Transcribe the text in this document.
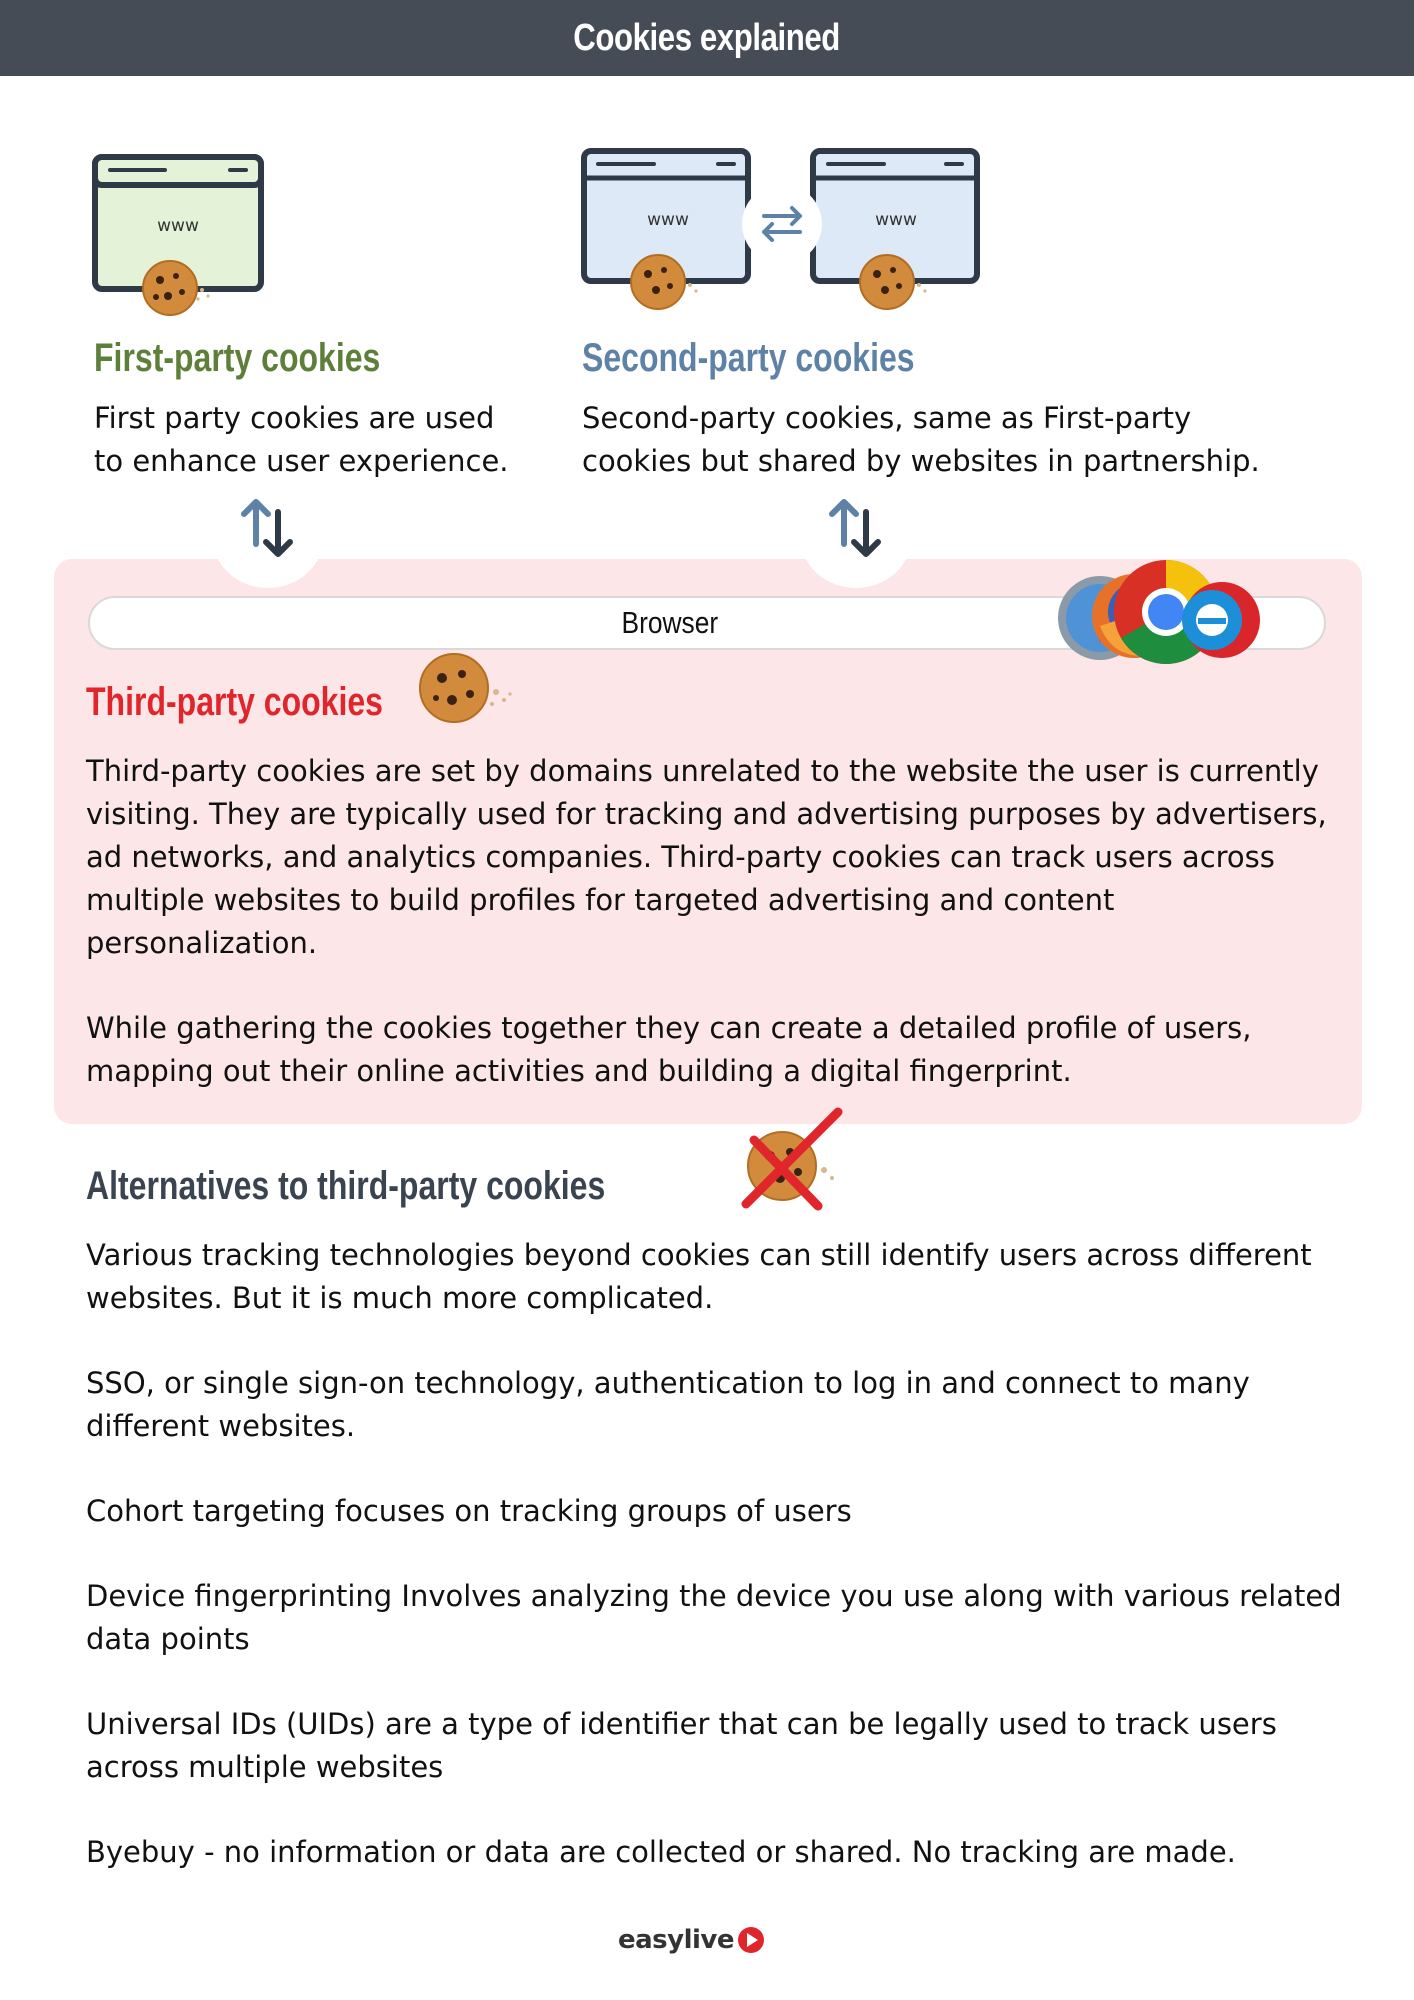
Cookies explained
www	www	www
First-party cookies	Second-party cookies

First party cookies are used

to enhance user experience.

Second-party cookies, same as First-party

cookies but shared by websites in partnership.

Browser
Third-party cookies

Third-party cookies are set by domains unrelated to the website the user is currently visiting. They are typically used for tracking and advertising purposes by advertisers, ad networks, and analytics companies. Third-party cookies can track users across multiple websites to build profiles for targeted advertising and content personalization.

While gathering the cookies together they can create a detailed profile of users, mapping out their online activities and building a digital fingerprint.

Alternatives to third-party cookies

Various tracking technologies beyond cookies can still identify users across different websites. But it is much more complicated.

SSO, or single sign-on technology, authentication to log in and connect to many different websites.

Cohort targeting focuses on tracking groups of users

Device fingerprinting Involves analyzing the device you use along with various related data points

Universal IDs (UIDs) are a type of identifier that can be legally used to track users across multiple websites

Byebuy - no information or data are collected or shared. No tracking are made.

easylive
